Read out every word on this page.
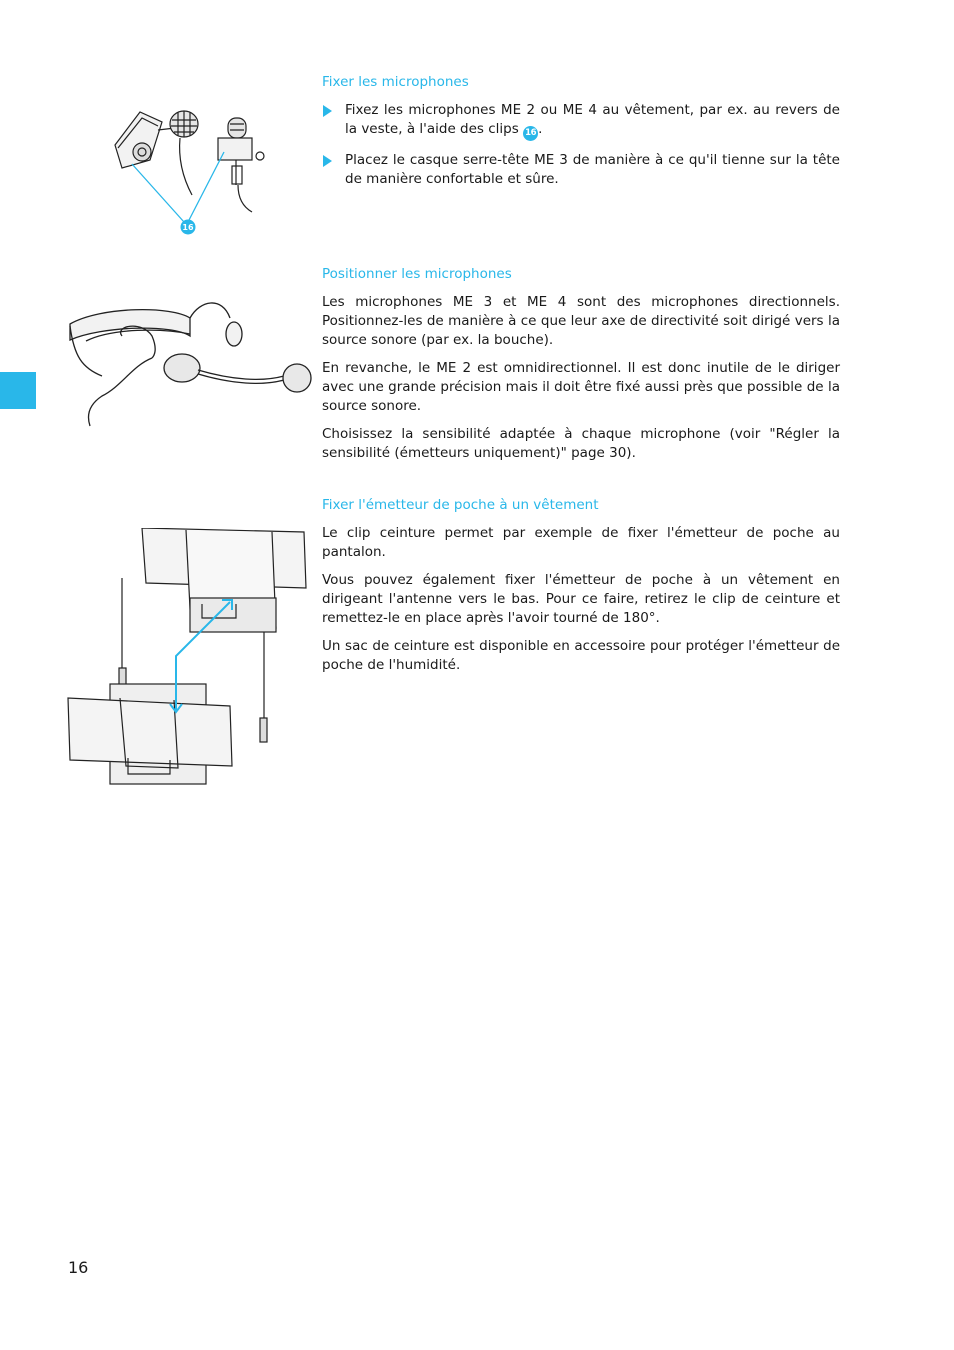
16
Fixer les microphones

Fixez les microphones ME 2 ou ME 4 au vêtement, par ex. au revers de la veste, à l'aide des clips 16 .

Placez le casque serre-tête ME 3 de manière à ce qu'il tienne sur la tête de manière confortable et sûre.

Positionner les microphones

Les microphones ME 3 et ME 4 sont des microphones directionnels. Positionnez-les de manière à ce que leur axe de directivité soit dirigé vers la source sonore (par ex. la bouche).

En revanche, le ME 2 est omnidirectionnel. Il est donc inutile de le diriger avec une grande précision mais il doit être fixé aussi près que possible de la source sonore.

Choisissez la sensibilité adaptée à chaque microphone (voir "Régler la sensibilité (émetteurs uniquement)" page 30).

Fixer l'émetteur de poche à un vêtement

Le clip ceinture permet par exemple de fixer l'émetteur de poche au pantalon.

Vous pouvez également fixer l'émetteur de poche à un vêtement en dirigeant l'antenne vers le bas. Pour ce faire, retirez le clip de ceinture et remettez-le en place après l'avoir tourné de 180°.

Un sac de ceinture est disponible en accessoire pour protéger l'émetteur de poche de l'humidité.

16
